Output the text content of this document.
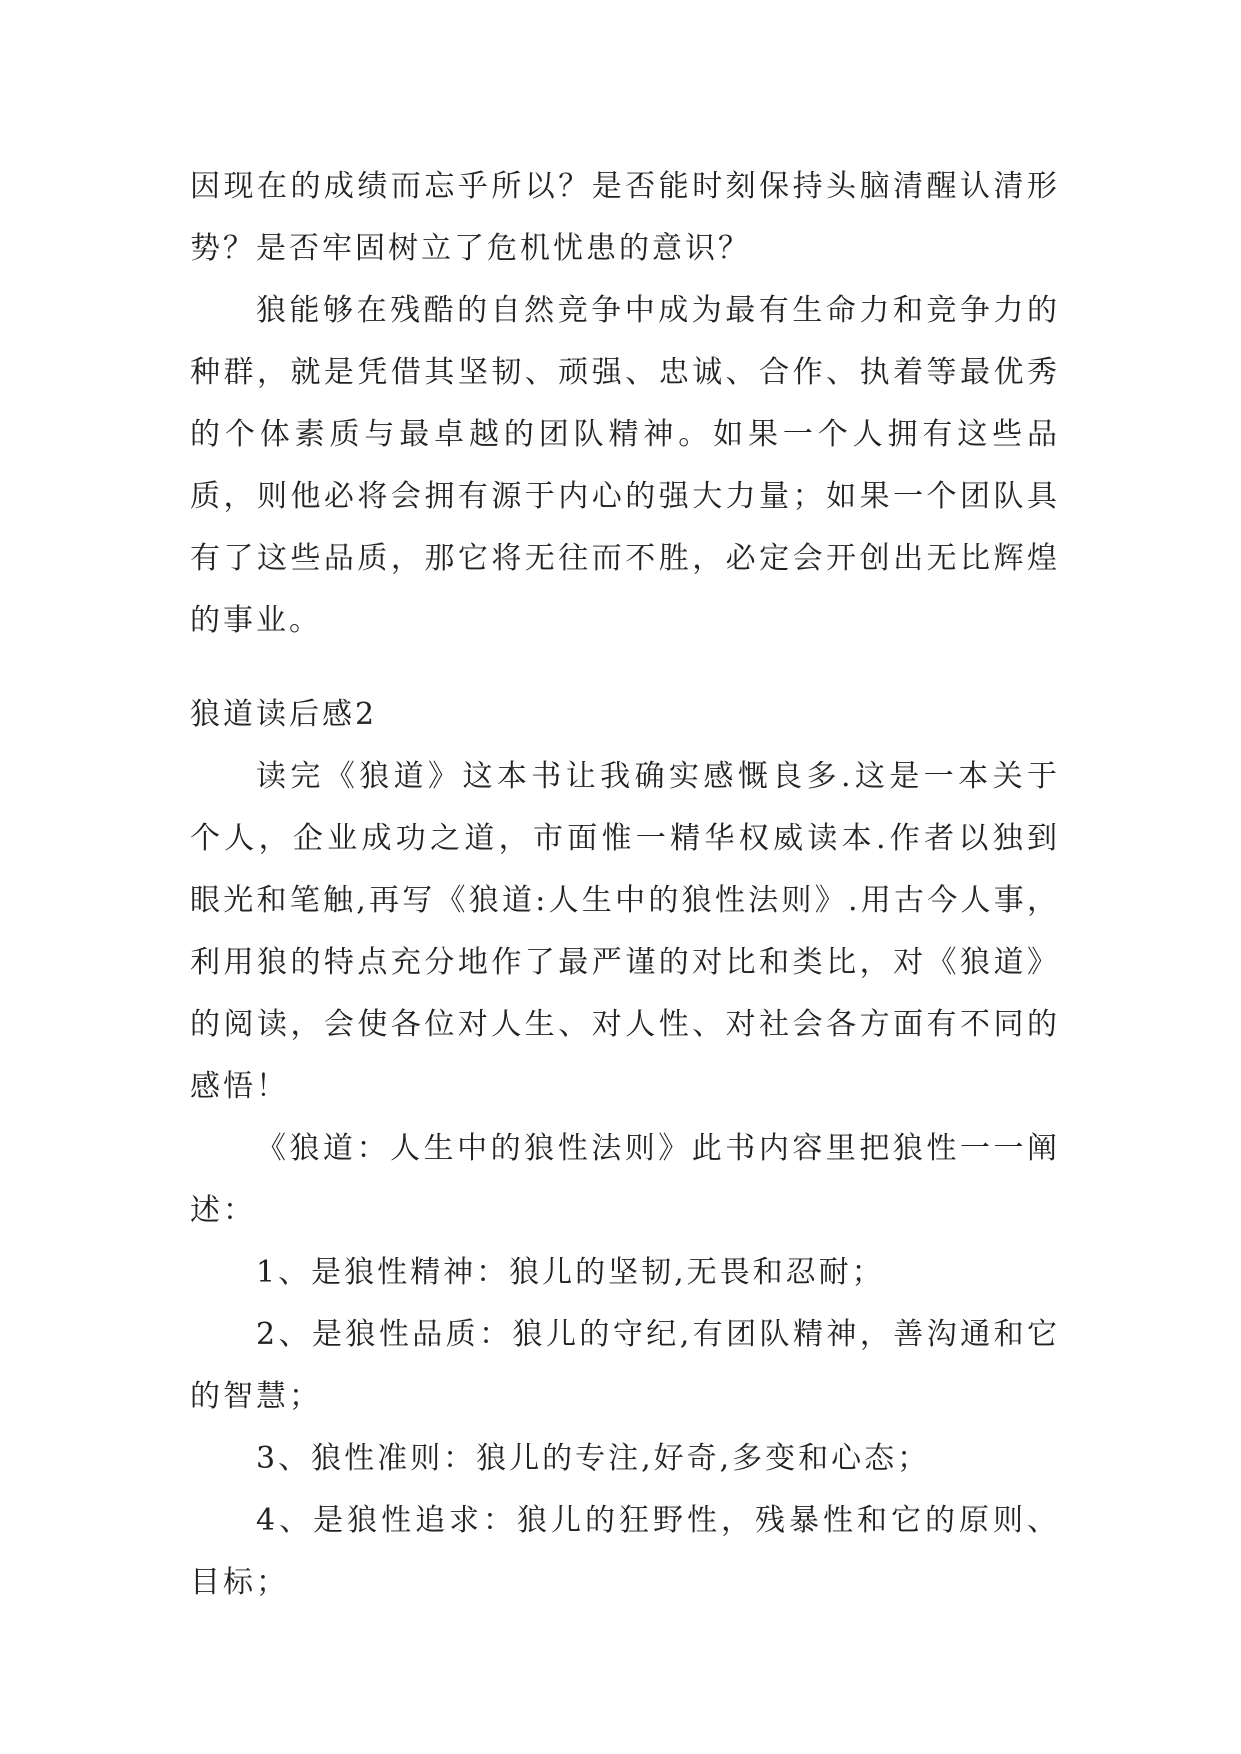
因现在的成绩而忘乎所以？是否能时刻保持头脑清醒认清形势？是否牢固树立了危机忧患的意识？

狼能够在残酷的自然竞争中成为最有生命力和竞争力的种群，就是凭借其坚韧、顽强、忠诚、合作、执着等最优秀的个体素质与最卓越的团队精神。如果一个人拥有这些品质，则他必将会拥有源于内心的强大力量；如果一个团队具有了这些品质，那它将无往而不胜，必定会开创出无比辉煌的事业。

狼道读后感2

读完《狼道》这本书让我确实感慨良多.这是一本关于个人，企业成功之道，市面惟一精华权威读本.作者以独到眼光和笔触,再写《狼道:人生中的狼性法则》.用古今人事，利用狼的特点充分地作了最严谨的对比和类比，对《狼道》的阅读，会使各位对人生、对人性、对社会各方面有不同的感悟！

《狼道：人生中的狼性法则》此书内容里把狼性一一阐述：

1、是狼性精神：狼儿的坚韧,无畏和忍耐；

2、是狼性品质：狼儿的守纪,有团队精神，善沟通和它的智慧；

3、狼性准则：狼儿的专注,好奇,多变和心态；

4、是狼性追求：狼儿的狂野性，残暴性和它的原则、目标；
